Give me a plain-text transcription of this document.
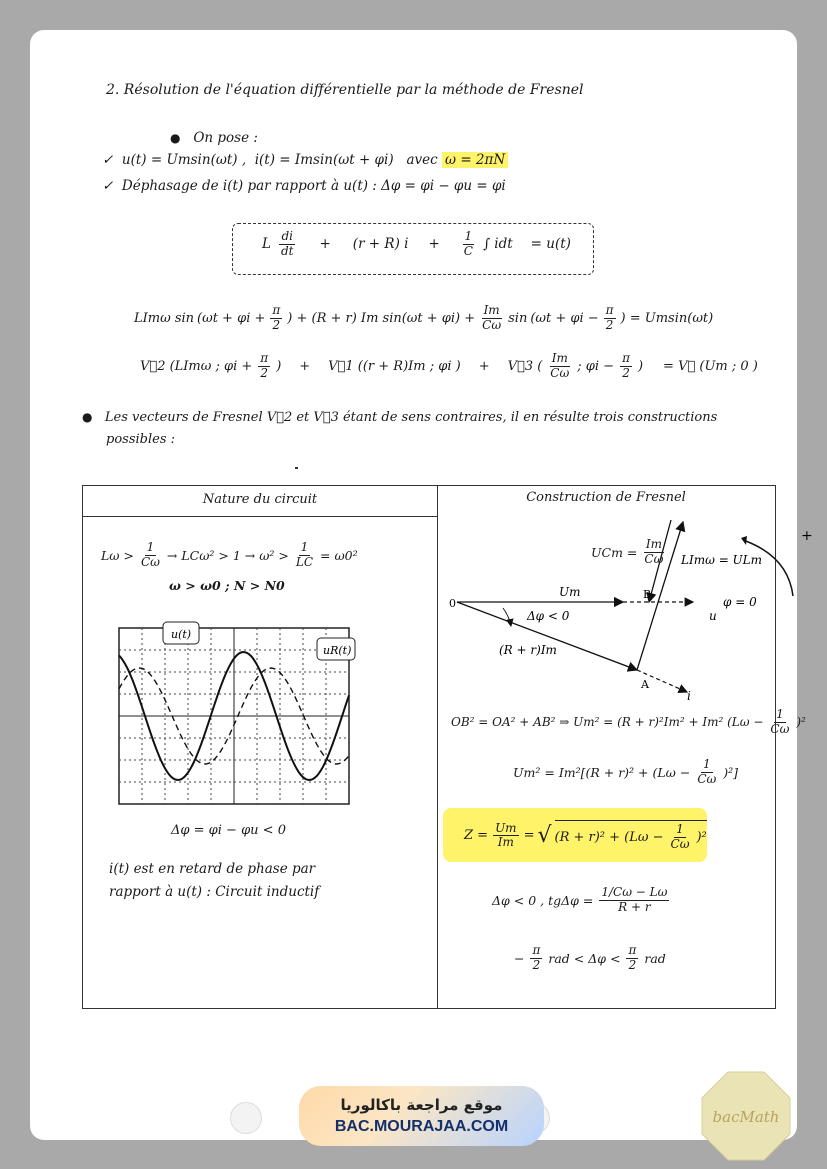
2. Résolution de l'équation différentielle par la méthode de Fresnel
● On pose :
✓ u(t) = Umsin(ωt) , i(t) = Imsin(ωt + φi) avec ω = 2πN
✓ Déphasage de i(t) par rapport à u(t) : Δφ = φi − φu = φi
L $\frac{di}{dt} + (r + R) i + \frac{1}{C}$ ∫ idt = u(t)
LImω $\sin (\omega t + \varphi i + \frac{\pi}{2}$ ) + (R + r) Im $\sin(\omega t + \varphi i) + \frac{Im}{C\omega}$ $\sin (\omega t + \varphi i - \frac{\pi}{2}$ ) = Umsin(ωt)
V⃗2 (LImω ; $\varphi i + \frac{\pi}{2}$ ) + V⃗1 ((r + R)Im ; φi ) + V⃗3 ( $\frac{Im}{C\omega}$ ; $\varphi i - \frac{\pi}{2}$ ) = V⃗ (Um ; 0 )
● Les vecteurs de Fresnel V⃗2 et V⃗3 étant de sens contraires, il en résulte trois constructions
possibles :
Nature du circuit	Construction de Fresnel
$L\omega > \frac{1}{C\omega} \to LC\omega^2 > 1 \to \omega^2 > \frac{1}{LC} = \omega 0^2$
ω > ω0 ; N > N0
u(t)
uR(t)
Δφ = φi − φu < 0
i(t) est en retard de phase par
rapport à u(t) : Circuit inductif
0
B
A
Um
φ = 0
u
i
Δφ < 0
(R + r)Im
LImω = ULm
+
UCm = $\frac{Im}{C\omega}$
OB² = OA² + AB² ⇒ Um² = (R + r)²Im² + Im² $(L\omega - \frac{1}{C\omega} )^2$
$Um^2 = Im^2[(R + r)^2 + (L\omega - \frac{1}{C\omega} )^2]$
$Z = \frac{Um}{Im}$ = √ $(R + r)^2 + (L\omega - \frac{1}{C\omega} )^2$
Δφ < 0 , $tg\Delta\varphi = \frac{1/C\omega - L\omega}{R + r}$
− $\frac{\pi}{2}$ rad < $\Delta\varphi < \frac{\pi}{2}$ rad
موقع مراجعة باكالوريا
BAC.MOURAJAA.COM
bacMath
